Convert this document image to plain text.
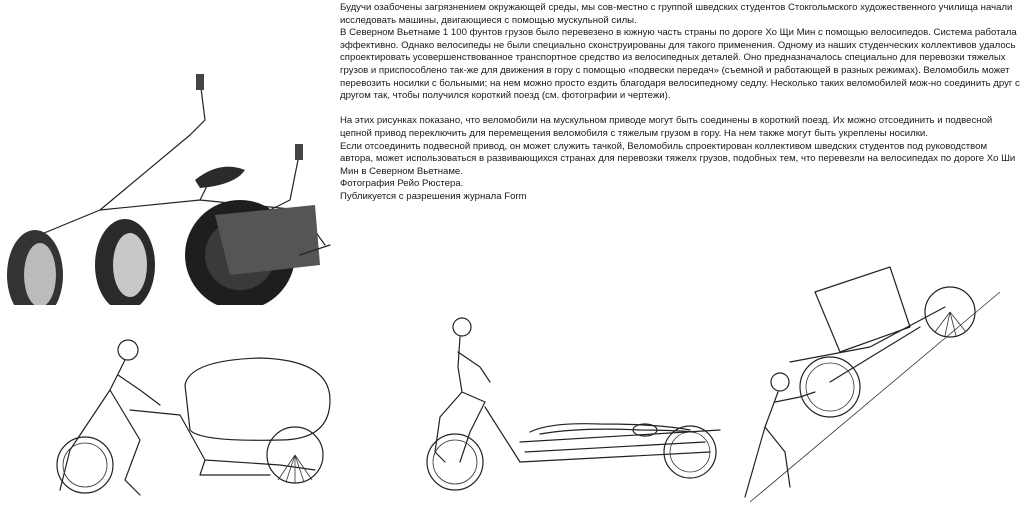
Будучи озабочены загрязнением окружающей среды, мы сов-местно с группой шведских студентов Стокгольмского художественного училища начали исследовать машины, двигающиеся с помощью мускульной силы.

В Северном Вьетнаме 1 100 фунтов грузов было перевезено в южную часть страны по дороге Хо Щи Мин с помощью велосипедов. Система работала эффективно. Однако велосипеды не были специально сконструированы для такого применения. Одному из наших студенческих коллективов удалось спроектировать усовершенствованное транспортное средство из велосипедных деталей. Оно предназначалось специально для перевозки тяжелых грузов и приспособлено так-же для движения в гору с помощью «подвески передач» (съемной и работающей в разных режимах). Веломобиль может перевозить носилки с больными; на нем можно просто ездить благодаря велосипедному седлу. Несколько таких веломобилей мож-но соединить друг с другом так, чтобы получился короткий поезд (см. фотографии и чертежи).

На этих рисунках показано, что веломобили на мускульном приводе могут быть соединены в короткий поезд. Их можно отсоединить и подвесной цепной привод переключить для перемещения веломобиля с тяжелым грузом в гору. На нем также могут быть укреплены носилки.

Если отсоединить подвесной привод, он может служить тачкой, Веломобиль спроектирован коллективом шведских студентов под руководством автора, может использоваться в развивающихся странах для перевозки тяжелх грузов, подобных тем, что перевезли на велосипедах по дороге Хо Ши Мин в Северном Вьетнаме.

Фотография Рейо Рюстера.

Публикуется с разрешения журнала Form
